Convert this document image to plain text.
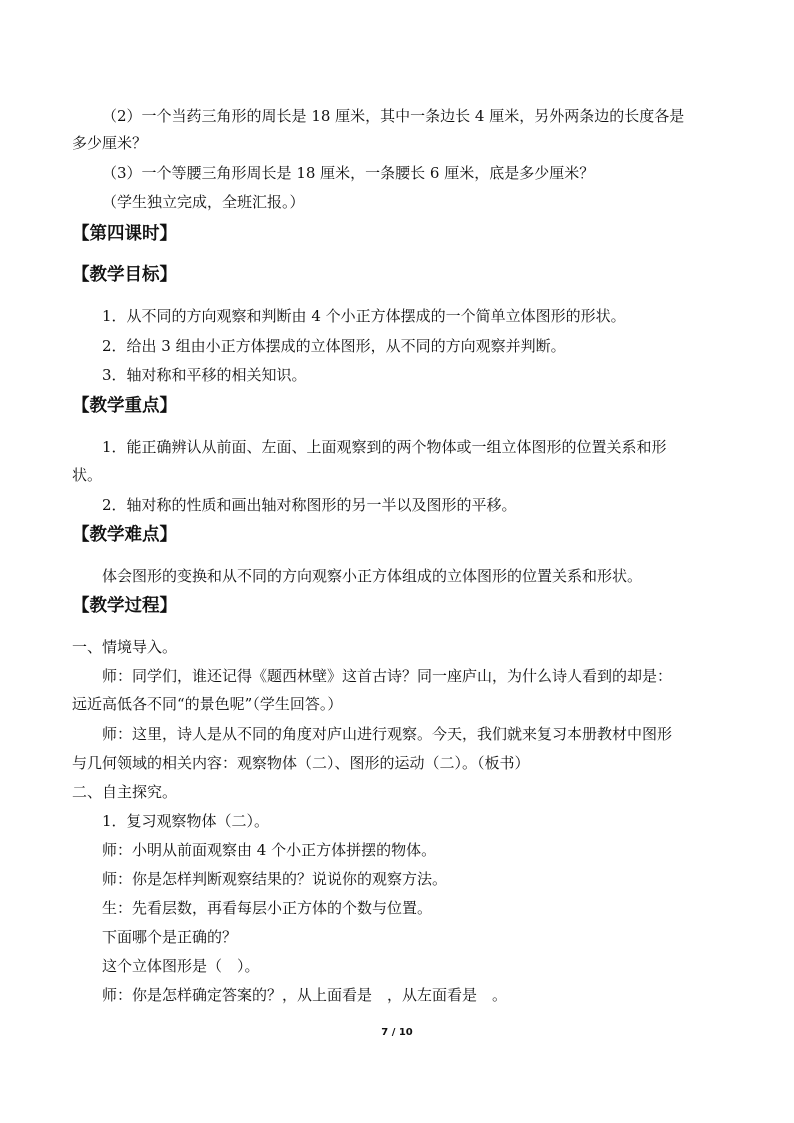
（2）一个当药三角形的周长是 18 厘米，其中一条边长 4 厘米，另外两条边的长度各是
多少厘米？
（3）一个等腰三角形周长是 18 厘米，一条腰长 6 厘米，底是多少厘米？
（学生独立完成，全班汇报。）
【第四课时】
【教学目标】
1．从不同的方向观察和判断由 4 个小正方体摆成的一个简单立体图形的形状。
2．给出 3 组由小正方体摆成的立体图形，从不同的方向观察并判断。
3．轴对称和平移的相关知识。
【教学重点】
1．能正确辨认从前面、左面、上面观察到的两个物体或一组立体图形的位置关系和形
状。
2．轴对称的性质和画出轴对称图形的另一半以及图形的平移。
【教学难点】
体会图形的变换和从不同的方向观察小正方体组成的立体图形的位置关系和形状。
【教学过程】
一、情境导入。
师：同学们，谁还记得《题西林壁》这首古诗？同一座庐山，为什么诗人看到的却是：
远近高低各不同“的景色呢”（学生回答。）
师：这里，诗人是从不同的角度对庐山进行观察。今天，我们就来复习本册教材中图形
与几何领域的相关内容：观察物体（二）、图形的运动（二）。（板书）
二、自主探究。
1．复习观察物体（二）。
师：小明从前面观察由 4 个小正方体拼摆的物体。
师：你是怎样判断观察结果的？说说你的观察方法。
生：先看层数，再看每层小正方体的个数与位置。
下面哪个是正确的？
这个立体图形是（　）。
师：你是怎样确定答案的？，从上面看是　，从左面看是　。
7 / 10
